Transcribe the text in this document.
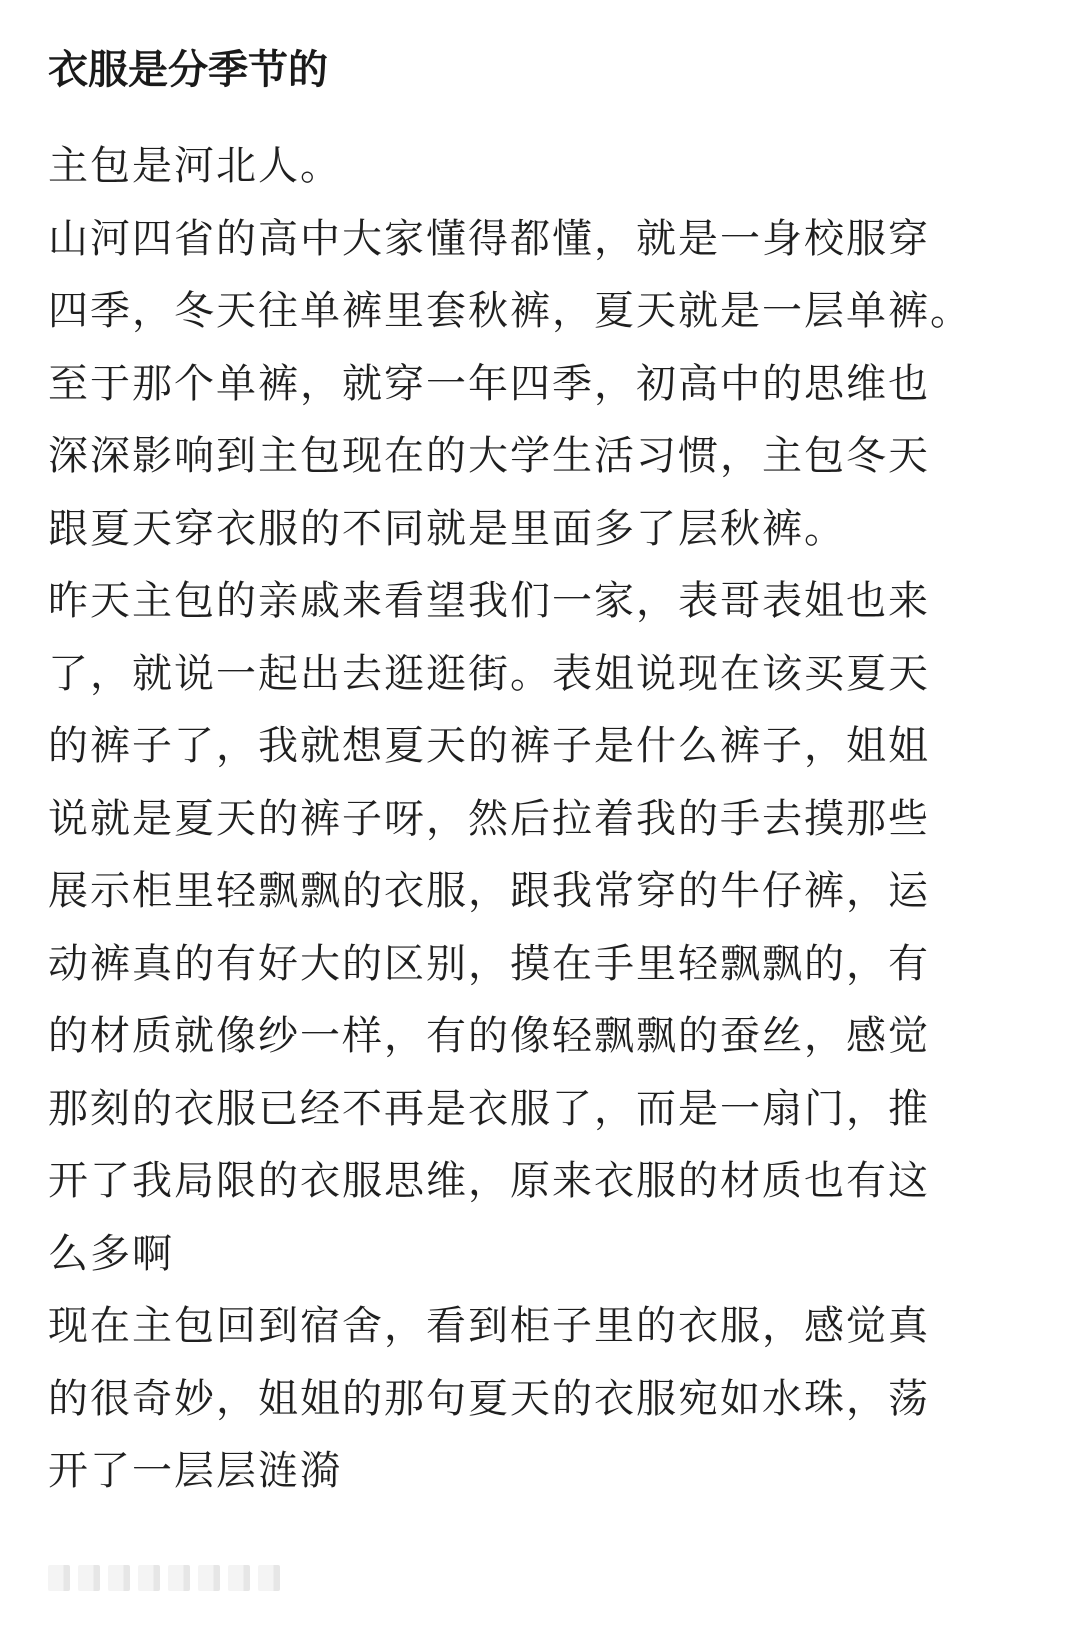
衣服是分季节的
主包是河北人。
山河四省的高中大家懂得都懂，就是一身校服穿
四季，冬天往单裤里套秋裤，夏天就是一层单裤。
至于那个单裤，就穿一年四季，初高中的思维也
深深影响到主包现在的大学生活习惯，主包冬天
跟夏天穿衣服的不同就是里面多了层秋裤。
昨天主包的亲戚来看望我们一家，表哥表姐也来
了，就说一起出去逛逛街。表姐说现在该买夏天
的裤子了，我就想夏天的裤子是什么裤子，姐姐
说就是夏天的裤子呀，然后拉着我的手去摸那些
展示柜里轻飘飘的衣服，跟我常穿的牛仔裤，运
动裤真的有好大的区别，摸在手里轻飘飘的，有
的材质就像纱一样，有的像轻飘飘的蚕丝，感觉
那刻的衣服已经不再是衣服了，而是一扇门，推
开了我局限的衣服思维，原来衣服的材质也有这
么多啊
现在主包回到宿舍，看到柜子里的衣服，感觉真
的很奇妙，姐姐的那句夏天的衣服宛如水珠，荡
开了一层层涟漪
